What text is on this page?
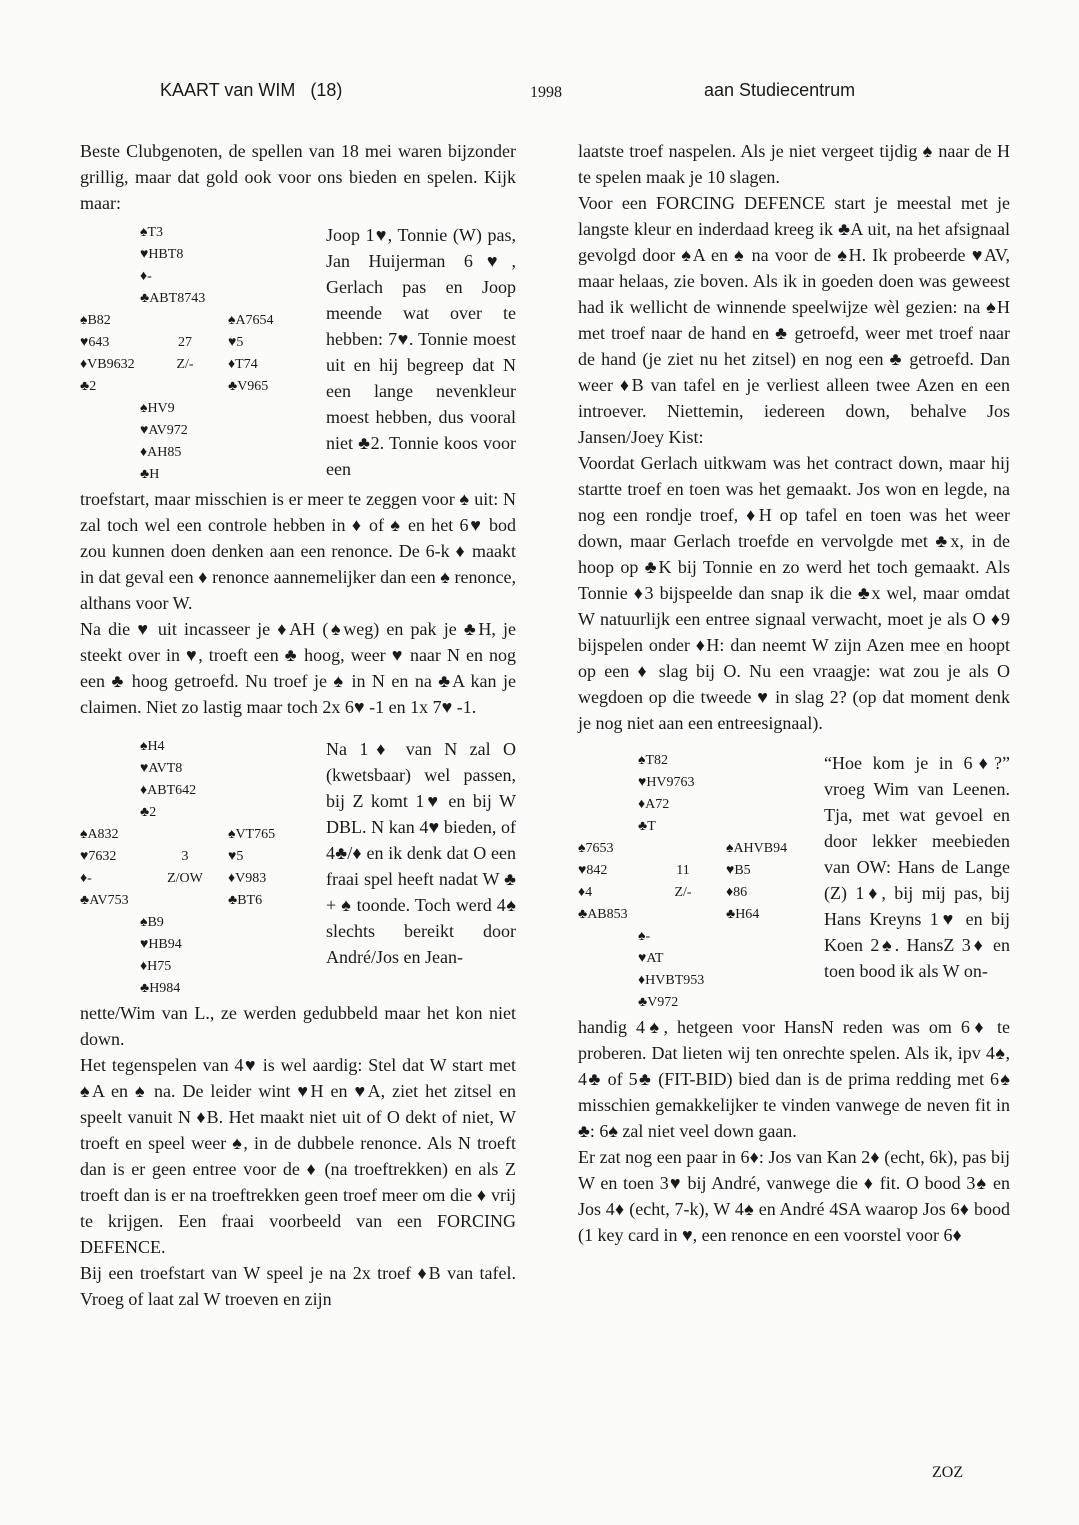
KAART van WIM   (18)	1998	aan Studiecentrum

Beste Clubgenoten, de spellen van 18 mei waren bijzonder grillig, maar dat gold ook voor ons bieden en spelen. Kijk maar:

♠T3
♥HBT8
♦-
♣ABT8743
♠B82	♠A7654
♥643	27	♥5
♦VB9632	Z/-	♦T74
♣2	♣V965
♠HV9
♥AV972
♦AH85
♣H
Joop 1♥, Tonnie (W) pas, Jan Huijerman 6♥, Gerlach pas en Joop meende wat over te hebben: 7♥. Tonnie moest uit en hij begreep dat N een lange nevenkleur moest hebben, dus vooral niet ♣2. Tonnie koos voor een

troefstart, maar misschien is er meer te zeggen voor ♠ uit: N zal toch wel een controle hebben in ♦ of ♠ en het 6♥ bod zou kunnen doen denken aan een renonce. De 6-k ♦ maakt in dat geval een ♦ renonce aannemelijker dan een ♠ renonce, althans voor W.

Na die ♥ uit incasseer je ♦AH (♠weg) en pak je ♣H, je steekt over in ♥, troeft een ♣ hoog, weer ♥ naar N en nog een ♣ hoog getroefd. Nu troef je ♠ in N en na ♣A kan je claimen. Niet zo lastig maar toch 2x 6♥ -1 en 1x 7♥ -1.

♠H4
♥AVT8
♦ABT642
♣2
♠A832	♠VT765
♥7632	3	♥5
♦-	Z/OW	♦V983
♣AV753	♣BT6
♠B9
♥HB94
♦H75
♣H984
Na 1♦ van N zal O (kwetsbaar) wel passen, bij Z komt 1♥ en bij W DBL. N kan 4♥ bieden, of 4♣/♦ en ik denk dat O een fraai spel heeft nadat W ♣ + ♠ toonde. Toch werd 4♠ slechts bereikt door André/Jos en Jean-

nette/Wim van L., ze werden gedubbeld maar het kon niet down.

Het tegenspelen van 4♥ is wel aardig: Stel dat W start met ♠A en ♠ na. De leider wint ♥H en ♥A, ziet het zitsel en speelt vanuit N ♦B. Het maakt niet uit of O dekt of niet, W troeft en speel weer ♠, in de dubbele renonce. Als N troeft dan is er geen entree voor de ♦ (na troeftrekken) en als Z troeft dan is er na troeftrekken geen troef meer om die ♦ vrij te krijgen. Een fraai voorbeeld van een FORCING DEFENCE.

Bij een troefstart van W speel je na 2x troef ♦B van tafel. Vroeg of laat zal W troeven en zijn

laatste troef naspelen. Als je niet vergeet tijdig ♠ naar de H te spelen maak je 10 slagen.

Voor een FORCING DEFENCE start je meestal met je langste kleur en inderdaad kreeg ik ♣A uit, na het afsignaal gevolgd door ♠A en ♠ na voor de ♠H. Ik probeerde ♥AV, maar helaas, zie boven. Als ik in goeden doen was geweest had ik wellicht de winnende speelwijze wèl gezien: na ♠H met troef naar de hand en ♣ getroefd, weer met troef naar de hand (je ziet nu het zitsel) en nog een ♣ getroefd. Dan weer ♦B van tafel en je verliest alleen twee Azen en een introever. Niettemin, iedereen down, behalve Jos Jansen/Joey Kist:

Voordat Gerlach uitkwam was het contract down, maar hij startte troef en toen was het gemaakt. Jos won en legde, na nog een rondje troef, ♦H op tafel en toen was het weer down, maar Gerlach troefde en vervolgde met ♣x, in de hoop op ♣K bij Tonnie en zo werd het toch gemaakt. Als Tonnie ♦3 bijspeelde dan snap ik die ♣x wel, maar omdat W natuurlijk een entree signaal verwacht, moet je als O ♦9 bijspelen onder ♦H: dan neemt W zijn Azen mee en hoopt op een ♦ slag bij O. Nu een vraagje: wat zou je als O wegdoen op die tweede ♥ in slag 2? (op dat moment denk je nog niet aan een entreesignaal).

♠T82
♥HV9763
♦A72
♣T
♠7653	♠AHVB94
♥842	11	♥B5
♦4	Z/-	♦86
♣AB853	♣H64
♠-
♥AT
♦HVBT953
♣V972
“Hoe kom je in 6♦?” vroeg Wim van Leenen. Tja, met wat gevoel en door lekker meebieden van OW: Hans de Lange (Z) 1♦, bij mij pas, bij Hans Kreyns 1♥ en bij Koen 2♠. HansZ 3♦ en toen bood ik als W on-

handig 4♠, hetgeen voor HansN reden was om 6♦ te proberen. Dat lieten wij ten onrechte spelen. Als ik, ipv 4♠, 4♣ of 5♣ (FIT-BID) bied dan is de prima redding met 6♠ misschien gemakkelijker te vinden vanwege de neven fit in ♣: 6♠ zal niet veel down gaan.

Er zat nog een paar in 6♦: Jos van Kan 2♦ (echt, 6k), pas bij W en toen 3♥ bij André, vanwege die ♦ fit. O bood 3♠ en Jos 4♦ (echt, 7-k), W 4♠ en André 4SA waarop Jos 6♦ bood (1 key card in ♥, een renonce en een voorstel voor 6♦

ZOZ
